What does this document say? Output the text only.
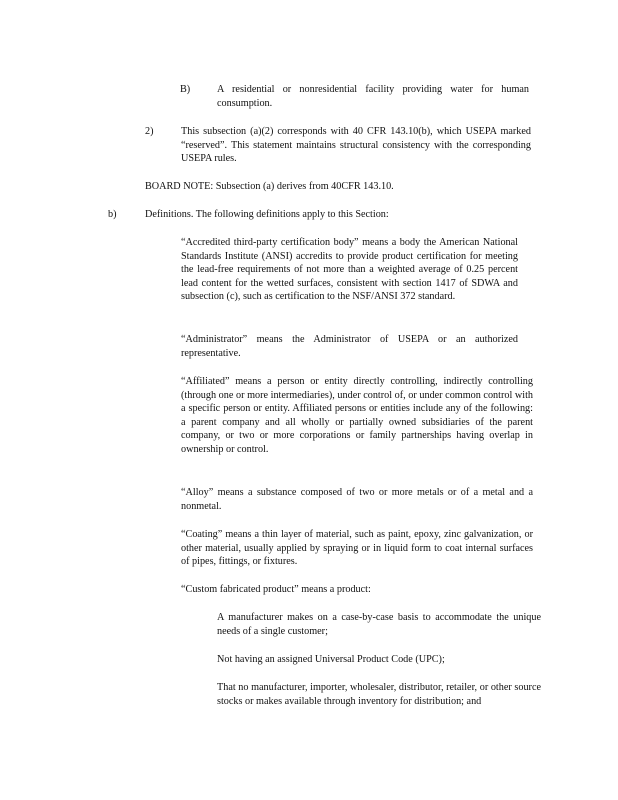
B)	A residential or nonresidential facility providing water for human consumption.

2)	This subsection (a)(2) corresponds with 40 CFR 143.10(b), which USEPA marked “reserved”. This statement maintains structural consistency with the corresponding USEPA rules.

BOARD NOTE: Subsection (a) derives from 40CFR 143.10.

b)	Definitions. The following definitions apply to this Section:

“Accredited third-party certification body” means a body the American National Standards Institute (ANSI) accredits to provide product certification for meeting the lead-free requirements of not more than a weighted average of 0.25 percent lead content for the wetted surfaces, consistent with section 1417 of SDWA and subsection (c), such as certification to the NSF/ANSI 372 standard.

“Administrator” means the Administrator of USEPA or an authorized representative.

“Affiliated” means a person or entity directly controlling, indirectly controlling (through one or more intermediaries), under control of, or under common control with a specific person or entity. Affiliated persons or entities include any of the following: a parent company and all wholly or partially owned subsidiaries of the parent company, or two or more corporations or family partnerships having overlap in ownership or control.

“Alloy” means a substance composed of two or more metals or of a metal and a nonmetal.

“Coating” means a thin layer of material, such as paint, epoxy, zinc galvanization, or other material, usually applied by spraying or in liquid form to coat internal surfaces of pipes, fittings, or fixtures.

“Custom fabricated product” means a product:

A manufacturer makes on a case-by-case basis to accommodate the unique needs of a single customer;

Not having an assigned Universal Product Code (UPC);

That no manufacturer, importer, wholesaler, distributor, retailer, or other source stocks or makes available through inventory for distribution; and
